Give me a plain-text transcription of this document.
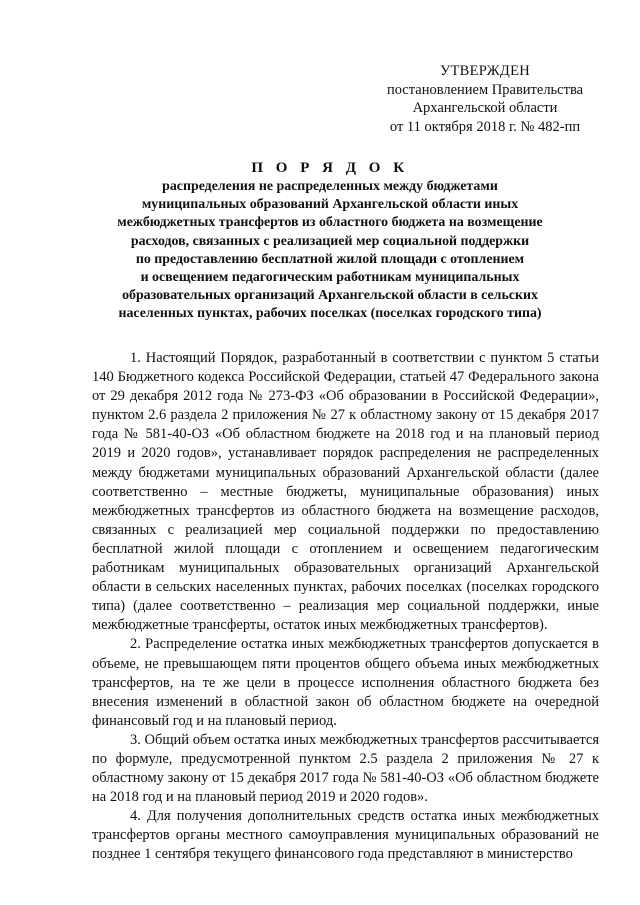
УТВЕРЖДЕН
постановлением Правительства
Архангельской области
от 11 октября 2018 г. № 482-пп
П О Р Я Д О К
распределения не распределенных между бюджетами
муниципальных образований Архангельской области иных
межбюджетных трансфертов из областного бюджета на возмещение
расходов, связанных с реализацией мер социальной поддержки
по предоставлению бесплатной жилой площади с отоплением
и освещением педагогическим работникам муниципальных
образовательных организаций Архангельской области в сельских
населенных пунктах, рабочих поселках (поселках городского типа)

1. Настоящий Порядок, разработанный в соответствии с пунктом 5 статьи 140 Бюджетного кодекса Российской Федерации, статьей 47 Федерального закона от 29 декабря 2012 года № 273-ФЗ «Об образовании в Российской Федерации», пунктом 2.6 раздела 2 приложения № 27 к областному закону от 15 декабря 2017 года № 581-40-ОЗ «Об областном бюджете на 2018 год и на плановый период 2019 и 2020 годов», устанавливает порядок распределения не распределенных между бюджетами муниципальных образований Архангельской области (далее соответственно – местные бюджеты, муниципальные образования) иных межбюджетных трансфертов из областного бюджета на возмещение расходов, связанных с реализацией мер социальной поддержки по предоставлению бесплатной жилой площади с отоплением и освещением педагогическим работникам муниципальных образовательных организаций Архангельской области в сельских населенных пунктах, рабочих поселках (поселках городского типа) (далее соответственно – реализация мер социальной поддержки, иные межбюджетные трансферты, остаток иных межбюджетных трансфертов).

2. Распределение остатка иных межбюджетных трансфертов допускается в объеме, не превышающем пяти процентов общего объема иных межбюджетных трансфертов, на те же цели в процессе исполнения областного бюджета без внесения изменений в областной закон об областном бюджете на очередной финансовый год и на плановый период.

3. Общий объем остатка иных межбюджетных трансфертов рассчитывается по формуле, предусмотренной пунктом 2.5 раздела 2 приложения № 27 к областному закону от 15 декабря 2017 года № 581-40-ОЗ «Об областном бюджете на 2018 год и на плановый период 2019 и 2020 годов».

4. Для получения дополнительных средств остатка иных межбюджетных трансфертов органы местного самоуправления муниципальных образований не позднее 1 сентября текущего финансового года представляют в министерство
